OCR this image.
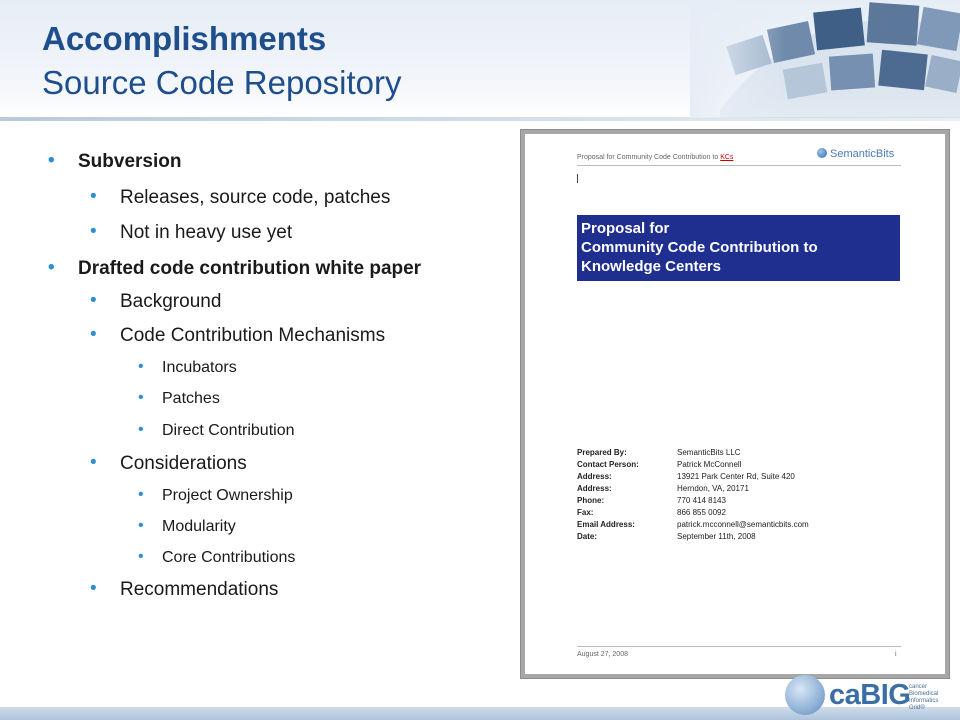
Accomplishments
Source Code Repository
• Subversion
• Releases, source code, patches
• Not in heavy use yet
• Drafted code contribution white paper
• Background
• Code Contribution Mechanisms
• Incubators
• Patches
• Direct Contribution
• Considerations
• Project Ownership
• Modularity
• Core Contributions
• Recommendations
Proposal for Community Code Contribution to KCs	SemanticBits
Proposal for
Community Code Contribution to
Knowledge Centers
Prepared By:	SemanticBits LLC
Contact Person:	Patrick McConnell
Address:	13921 Park Center Rd, Suite 420
Address:	Herndon, VA, 20171
Phone:	770 414 8143
Fax:	866 855 0092
Email Address:	patrick.mcconnell@semanticbits.com
Date:	September 11th, 2008
August 27, 2008	i
caBIG
cancer Biomedical Informatics Grid®
